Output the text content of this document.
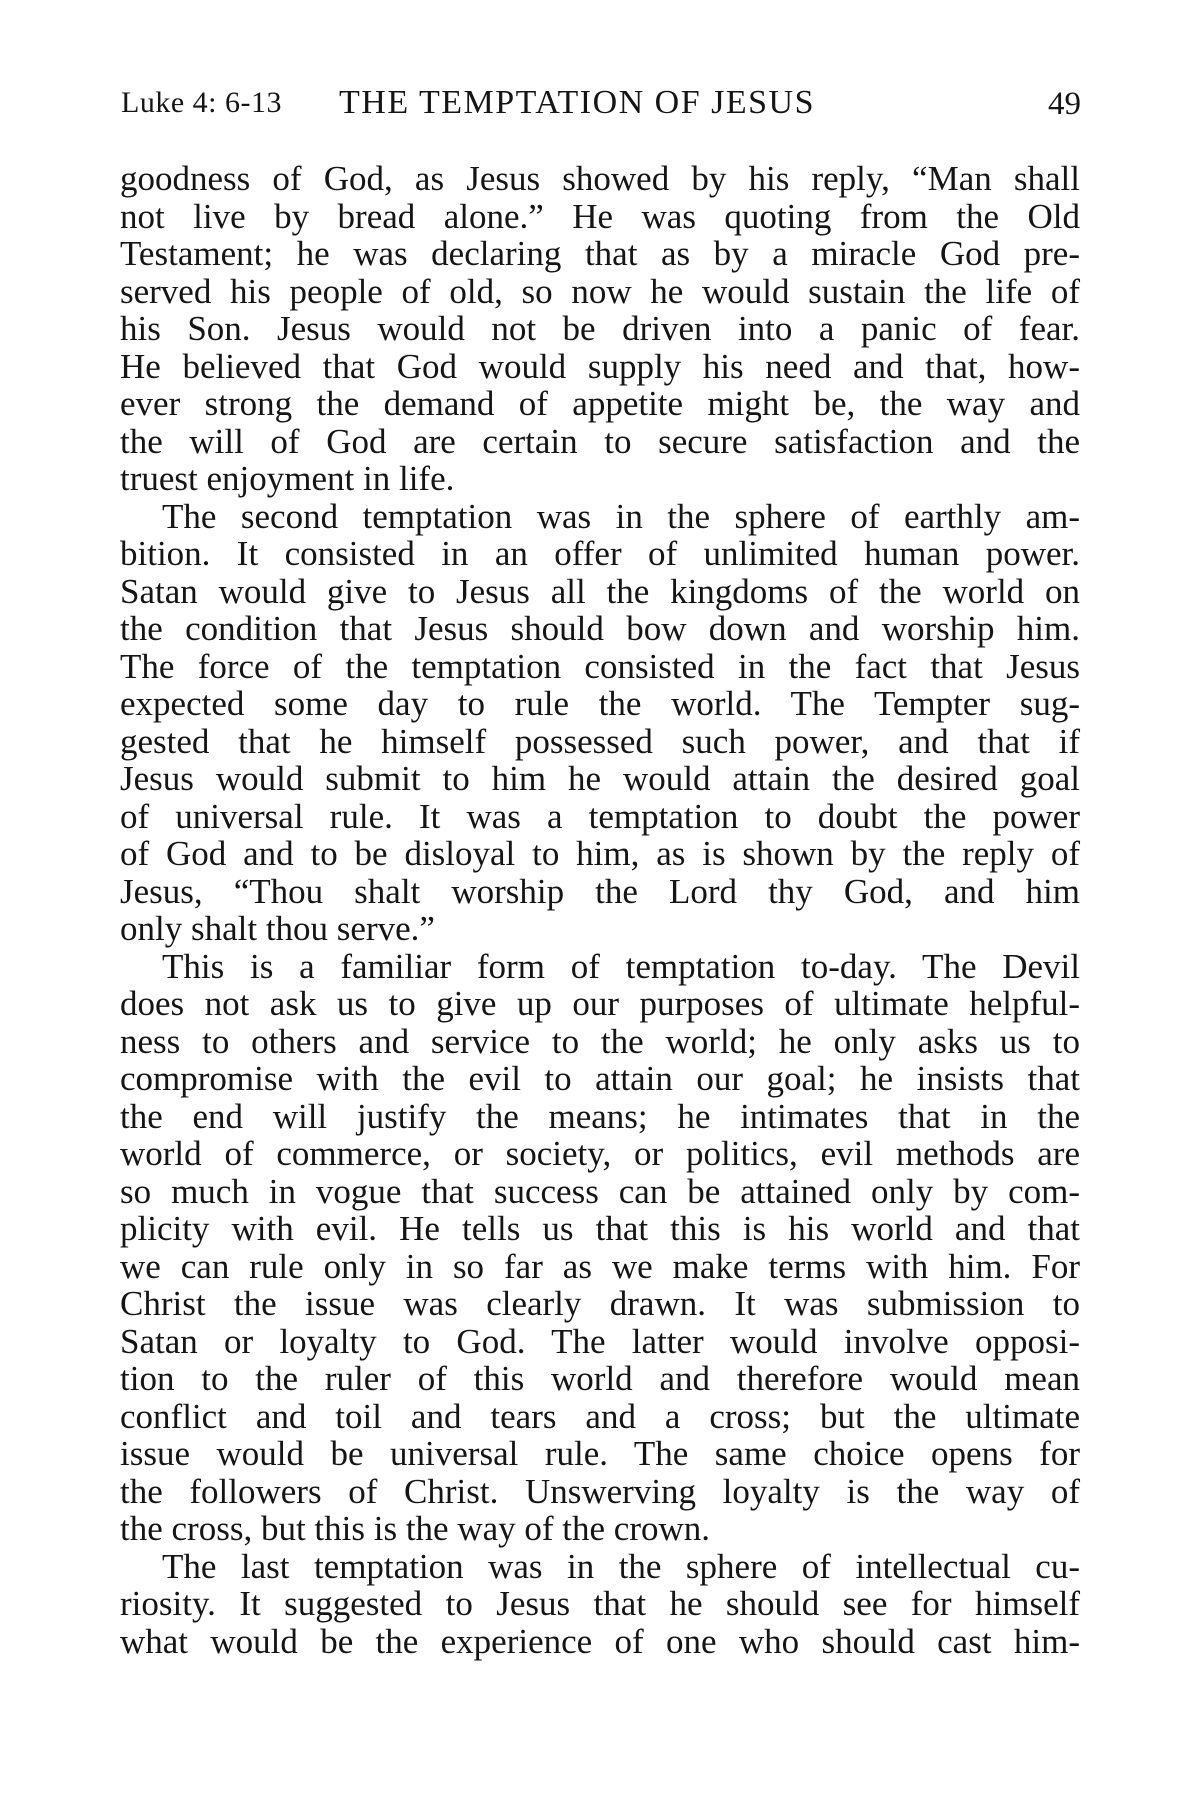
Luke 4: 6-13 THE TEMPTATION OF JESUS	49
goodness of God, as Jesus showed by his reply, “Man shall
not live by bread alone.” He was quoting from the Old
Testament; he was declaring that as by a miracle God pre-
served his people of old, so now he would sustain the life of
his Son. Jesus would not be driven into a panic of fear.
He believed that God would supply his need and that, how-
ever strong the demand of appetite might be, the way and
the will of God are certain to secure satisfaction and the
truest enjoyment in life.
The second temptation was in the sphere of earthly am-
bition. It consisted in an offer of unlimited human power.
Satan would give to Jesus all the kingdoms of the world on
the condition that Jesus should bow down and worship him.
The force of the temptation consisted in the fact that Jesus
expected some day to rule the world. The Tempter sug-
gested that he himself possessed such power, and that if
Jesus would submit to him he would attain the desired goal
of universal rule. It was a temptation to doubt the power
of God and to be disloyal to him, as is shown by the reply of
Jesus, “Thou shalt worship the Lord thy God, and him
only shalt thou serve.”
This is a familiar form of temptation to-day. The Devil
does not ask us to give up our purposes of ultimate helpful-
ness to others and service to the world; he only asks us to
compromise with the evil to attain our goal; he insists that
the end will justify the means; he intimates that in the
world of commerce, or society, or politics, evil methods are
so much in vogue that success can be attained only by com-
plicity with evil. He tells us that this is his world and that
we can rule only in so far as we make terms with him. For
Christ the issue was clearly drawn. It was submission to
Satan or loyalty to God. The latter would involve opposi-
tion to the ruler of this world and therefore would mean
conflict and toil and tears and a cross; but the ultimate
issue would be universal rule. The same choice opens for
the followers of Christ. Unswerving loyalty is the way of
the cross, but this is the way of the crown.
The last temptation was in the sphere of intellectual cu-
riosity. It suggested to Jesus that he should see for himself
what would be the experience of one who should cast him-
